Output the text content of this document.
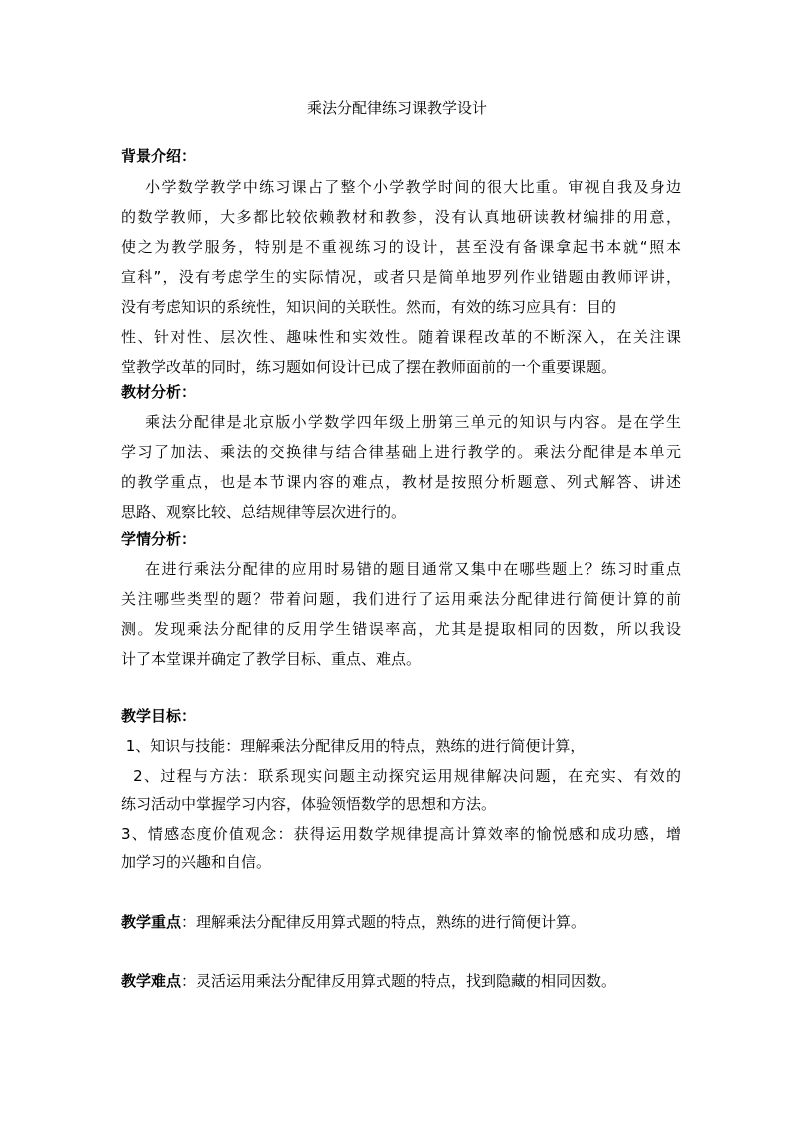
乘法分配律练习课教学设计
背景介绍：
小学数学教学中练习课占了整个小学教学时间的很大比重。审视自我及身边
的数学教师，大多都比较依赖教材和教参，没有认真地研读教材编排的用意，
使之为教学服务，特别是不重视练习的设计，甚至没有备课拿起书本就“照本
宣科”，没有考虑学生的实际情况，或者只是简单地罗列作业错题由教师评讲，
没有考虑知识的系统性，知识间的关联性。然而，有效的练习应具有：目的
性、针对性、层次性、趣味性和实效性。随着课程改革的不断深入，在关注课
堂教学改革的同时，练习题如何设计已成了摆在教师面前的一个重要课题。
教材分析：
乘法分配律是北京版小学数学四年级上册第三单元的知识与内容。是在学生
学习了加法、乘法的交换律与结合律基础上进行教学的。乘法分配律是本单元
的教学重点，也是本节课内容的难点，教材是按照分析题意、列式解答、讲述
思路、观察比较、总结规律等层次进行的。
学情分析：
在进行乘法分配律的应用时易错的题目通常又集中在哪些题上？练习时重点
关注哪些类型的题？带着问题，我们进行了运用乘法分配律进行简便计算的前
测。发现乘法分配律的反用学生错误率高，尤其是提取相同的因数，所以我设
计了本堂课并确定了教学目标、重点、难点。
教学目标：
1、知识与技能：理解乘法分配律反用的特点，熟练的进行简便计算，
2、过程与方法：联系现实问题主动探究运用规律解决问题，在充实、有效的
练习活动中掌握学习内容，体验领悟数学的思想和方法。
3、情感态度价值观念：获得运用数学规律提高计算效率的愉悦感和成功感，增
加学习的兴趣和自信。
教学重点：理解乘法分配律反用算式题的特点，熟练的进行简便计算。
教学难点：灵活运用乘法分配律反用算式题的特点，找到隐藏的相同因数。
